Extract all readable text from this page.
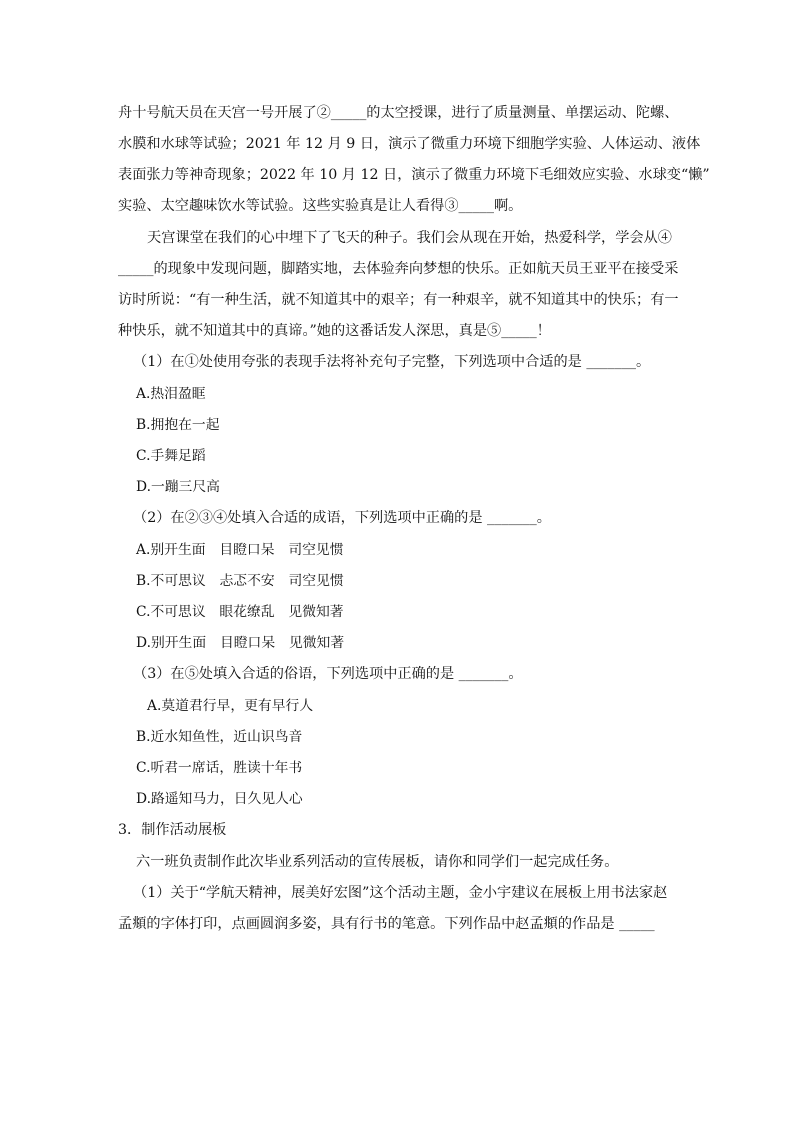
舟十号航天员在天宫一号开展了②_____的太空授课，进行了质量测量、单摆运动、陀螺、
水膜和水球等试验；2021 年 12 月 9 日，演示了微重力环境下细胞学实验、人体运动、液体
表面张力等神奇现象；2022 年 10 月 12 日，演示了微重力环境下毛细效应实验、水球变“懒”
实验、太空趣味饮水等试验。这些实验真是让人看得③_____啊。
天宫课堂在我们的心中埋下了飞天的种子。我们会从现在开始，热爱科学，学会从④
_____的现象中发现问题，脚踏实地，去体验奔向梦想的快乐。正如航天员王亚平在接受采
访时所说：“有一种生活，就不知道其中的艰辛；有一种艰辛，就不知道其中的快乐；有一
种快乐，就不知道其中的真谛。”她的这番话发人深思，真是⑤_____！
（1）在①处使用夸张的表现手法将补充句子完整，下列选项中合适的是 _______。
A.热泪盈眶
B.拥抱在一起
C.手舞足蹈
D.一蹦三尺高
（2）在②③④处填入合适的成语，下列选项中正确的是 _______。
A.别开生面　目瞪口呆　司空见惯
B.不可思议　忐忑不安　司空见惯
C.不可思议　眼花缭乱　见微知著
D.别开生面　目瞪口呆　见微知著
（3）在⑤处填入合适的俗语，下列选项中正确的是 _______。
A.莫道君行早，更有早行人
B.近水知鱼性，近山识鸟音
C.听君一席话，胜读十年书
D.路遥知马力，日久见人心
3．制作活动展板
六一班负责制作此次毕业系列活动的宣传展板，请你和同学们一起完成任务。
（1）关于“学航天精神，展美好宏图”这个活动主题，金小宇建议在展板上用书法家赵
孟頫的字体打印，点画圆润多姿，具有行书的笔意。下列作品中赵孟頫的作品是 _____
